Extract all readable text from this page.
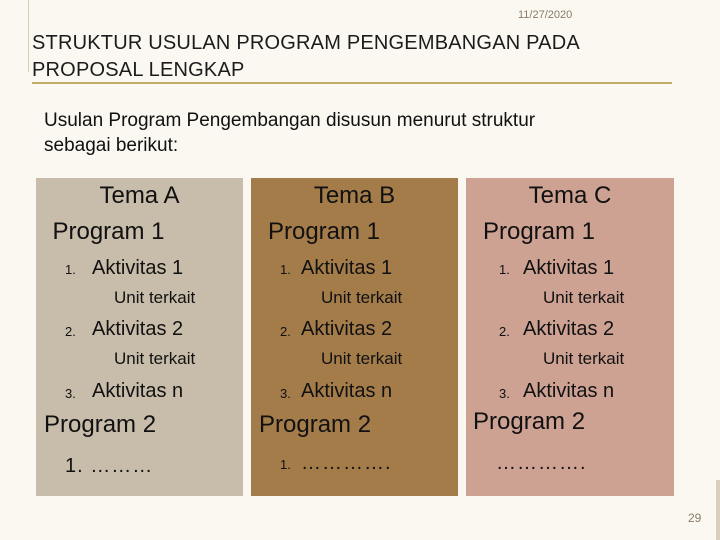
11/27/2020
STRUKTUR USULAN PROGRAM PENGEMBANGAN PADA
PROPOSAL LENGKAP
Usulan Program Pengembangan disusun menurut struktur
sebagai berikut:
Tema A
Program 1
1. Aktivitas 1
Unit terkait
2. Aktivitas 2
Unit terkait
3. Aktivitas n
Program 2
1. ………
Tema B
Program 1
1. Aktivitas 1
Unit terkait
2. Aktivitas 2
Unit terkait
3. Aktivitas n
Program 2
1. ………….
Tema C
Program 1
1. Aktivitas 1
Unit terkait
2. Aktivitas 2
Unit terkait
3. Aktivitas n
Program 2
………….
29
